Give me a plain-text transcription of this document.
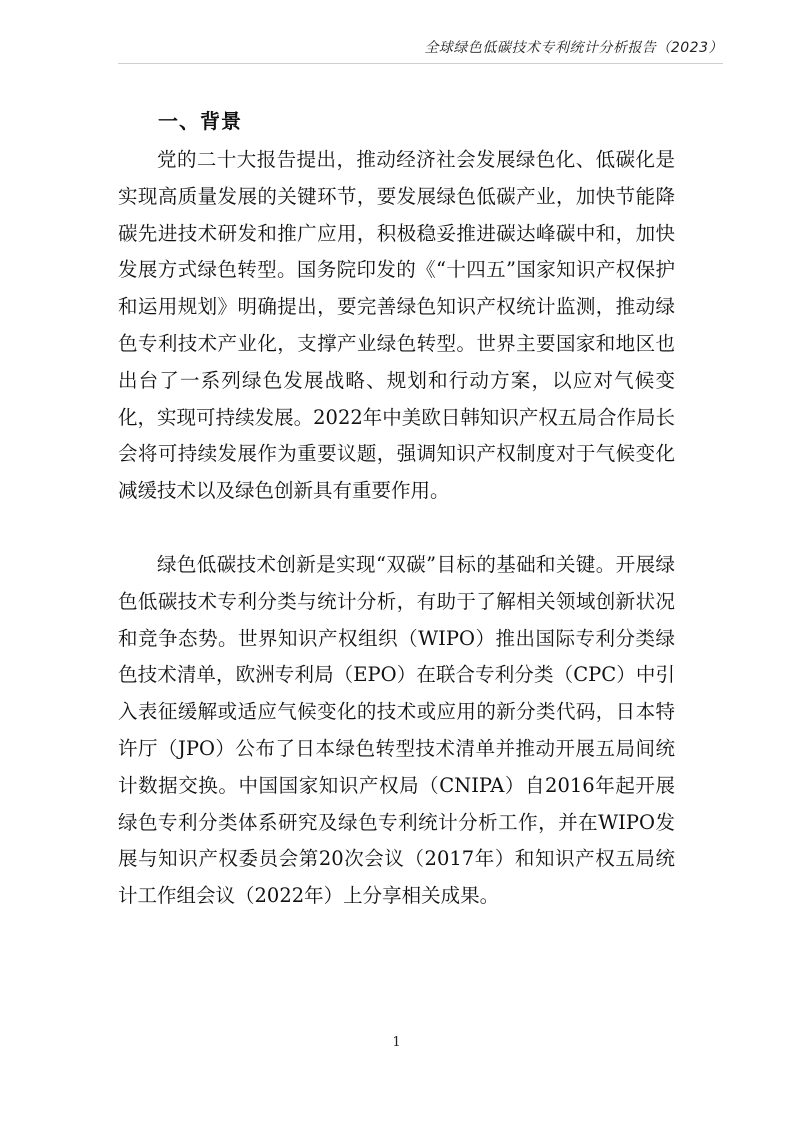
全球绿色低碳技术专利统计分析报告（2023）
一、背景

党的二十大报告提出，推动经济社会发展绿色化、低碳化是实现高质量发展的关键环节，要发展绿色低碳产业，加快节能降碳先进技术研发和推广应用，积极稳妥推进碳达峰碳中和，加快发展方式绿色转型。国务院印发的《“十四五”国家知识产权保护和运用规划》明确提出，要完善绿色知识产权统计监测，推动绿色专利技术产业化，支撑产业绿色转型。世界主要国家和地区也出台了一系列绿色发展战略、规划和行动方案，以应对气候变化，实现可持续发展。2022年中美欧日韩知识产权五局合作局长会将可持续发展作为重要议题，强调知识产权制度对于气候变化减缓技术以及绿色创新具有重要作用。

绿色低碳技术创新是实现“双碳”目标的基础和关键。开展绿色低碳技术专利分类与统计分析，有助于了解相关领域创新状况和竞争态势。世界知识产权组织（WIPO）推出国际专利分类绿色技术清单，欧洲专利局（EPO）在联合专利分类（CPC）中引入表征缓解或适应气候变化的技术或应用的新分类代码，日本特许厅（JPO）公布了日本绿色转型技术清单并推动开展五局间统计数据交换。中国国家知识产权局（CNIPA）自2016年起开展绿色专利分类体系研究及绿色专利统计分析工作，并在WIPO发展与知识产权委员会第20次会议（2017年）和知识产权五局统计工作组会议（2022年）上分享相关成果。

1
